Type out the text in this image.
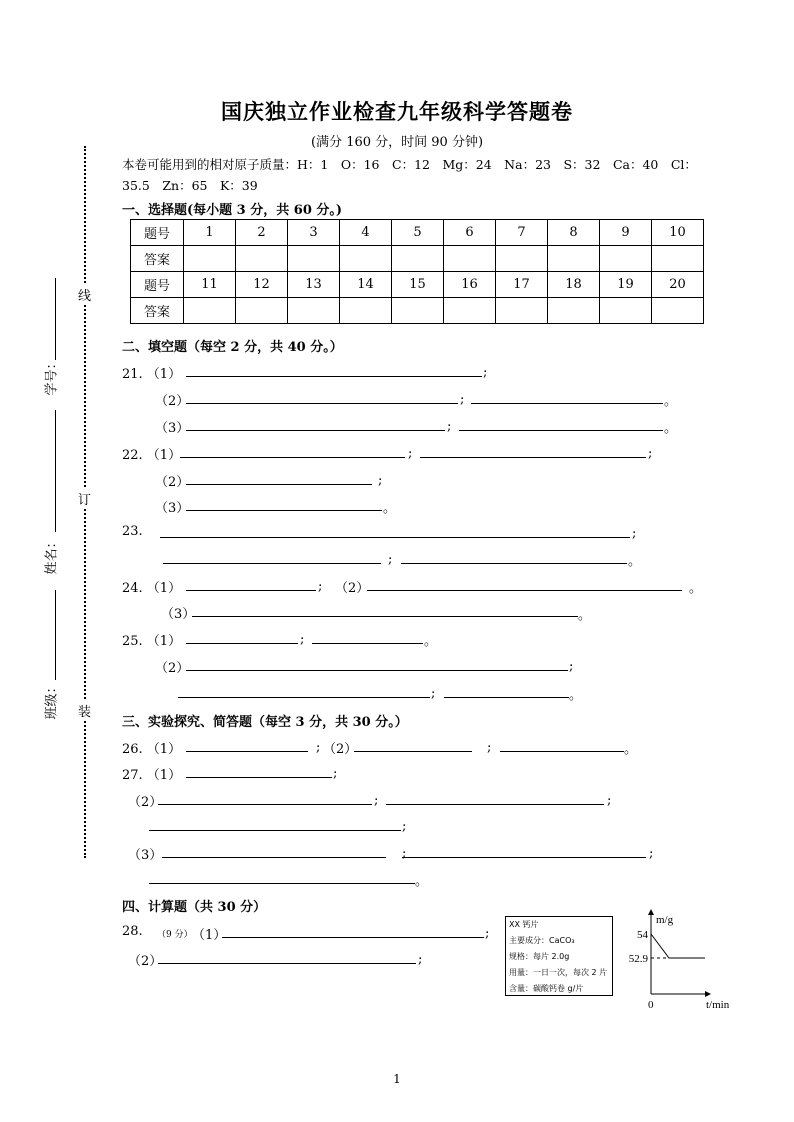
国庆独立作业检查九年级科学答题卷
(满分 160 分，时间 90 分钟)
本卷可能用到的相对原子质量：H：1　O：16　C：12　Mg：24　Na：23　S：32　Ca：40　Cl：
35.5　Zn：65　K：39
线
订
装
学号：
姓名：
班级：
一、选择题(每小题 3 分，共 60 分。)
题号	1	2	3	4	5	6	7	8	9	10
答案										
题号	11	12	13	14	15	16	17	18	19	20
答案										
二、填空题（每空 2 分，共 40 分。）
21. （1）	;
（2）	;	。
（3）	;	。
22. （1）	;	;
（2）	;
（3）	。
23.	;
;	。
24. （1）	; （2）	。
（3）	。
25. （1）	;	。
（2）	;
;	。
三、实验探究、简答题（每空 3 分，共 30 分。）
26. （1）	; （2）	;	。
27. （1）	;
（2）	;	;
;
（3）	;	;
。
四、计算题（共 30 分）
28. （9 分） （1）	;
（2）	;
XX 钙片
主要成分：CaCO₃
规格：每片 2.0g
用量：一日一次，每次 2 片
含量：碳酸钙卷 g/片
m/g
t/min
0
54
52.9
1
